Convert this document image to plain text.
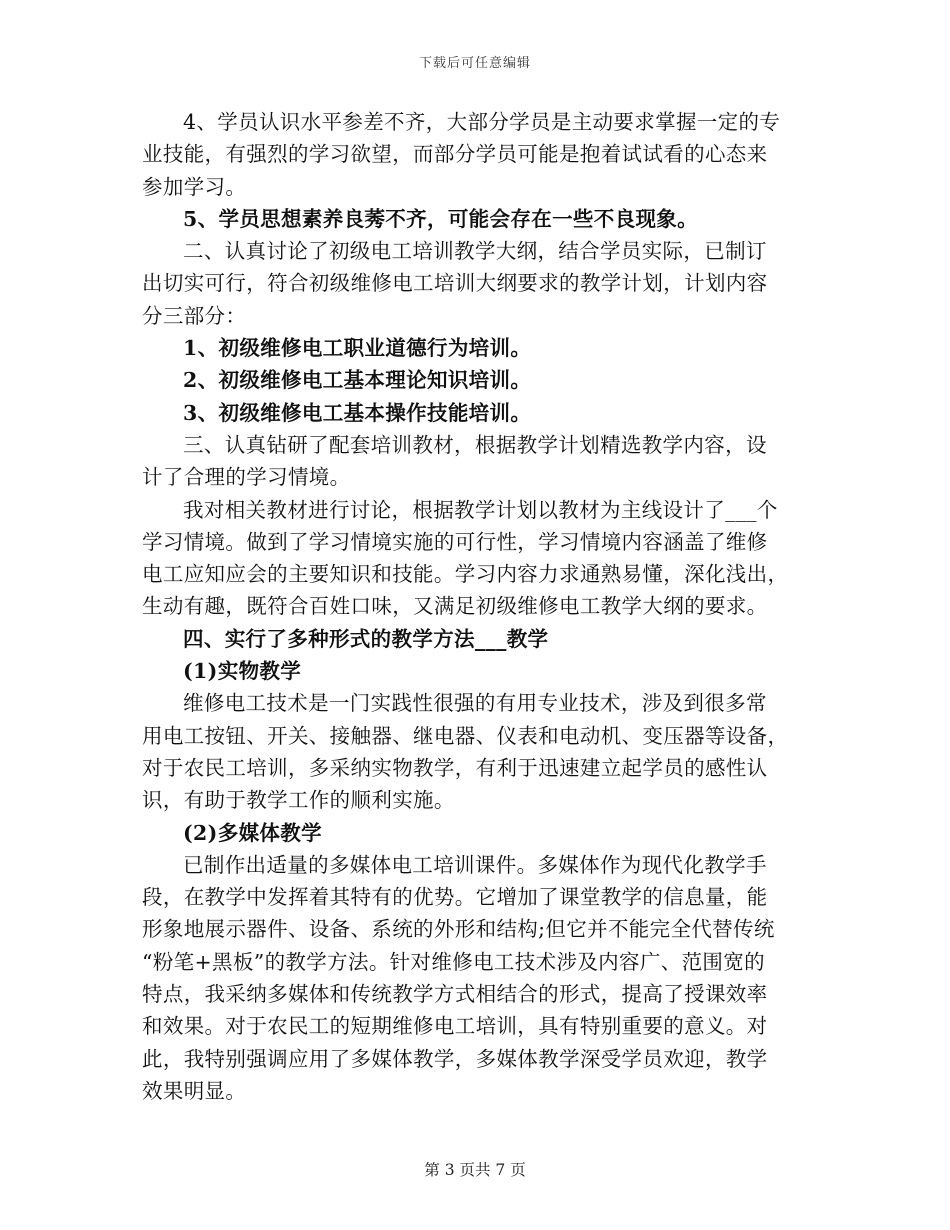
下载后可任意编辑
4、学员认识水平参差不齐，大部分学员是主动要求掌握一定的专
业技能，有强烈的学习欲望，而部分学员可能是抱着试试看的心态来
参加学习。
5、学员思想素养良莠不齐，可能会存在一些不良现象。
二、认真讨论了初级电工培训教学大纲，结合学员实际，已制订
出切实可行，符合初级维修电工培训大纲要求的教学计划，计划内容
分三部分：
1、初级维修电工职业道德行为培训。
2、初级维修电工基本理论知识培训。
3、初级维修电工基本操作技能培训。
三、认真钻研了配套培训教材，根据教学计划精选教学内容，设
计了合理的学习情境。
我对相关教材进行讨论，根据教学计划以教材为主线设计了___个
学习情境。做到了学习情境实施的可行性，学习情境内容涵盖了维修
电工应知应会的主要知识和技能。学习内容力求通熟易懂，深化浅出，
生动有趣，既符合百姓口味，又满足初级维修电工教学大纲的要求。
四、实行了多种形式的教学方法___教学
(1)实物教学
维修电工技术是一门实践性很强的有用专业技术，涉及到很多常
用电工按钮、开关、接触器、继电器、仪表和电动机、变压器等设备，
对于农民工培训，多采纳实物教学，有利于迅速建立起学员的感性认
识，有助于教学工作的顺利实施。
(2)多媒体教学
已制作出适量的多媒体电工培训课件。多媒体作为现代化教学手
段，在教学中发挥着其特有的优势。它增加了课堂教学的信息量，能
形象地展示器件、设备、系统的外形和结构;但它并不能完全代替传统
“粉笔+黑板”的教学方法。针对维修电工技术涉及内容广、范围宽的
特点，我采纳多媒体和传统教学方式相结合的形式，提高了授课效率
和效果。对于农民工的短期维修电工培训，具有特别重要的意义。对
此，我特别强调应用了多媒体教学，多媒体教学深受学员欢迎，教学
效果明显。
第 3 页共 7 页
